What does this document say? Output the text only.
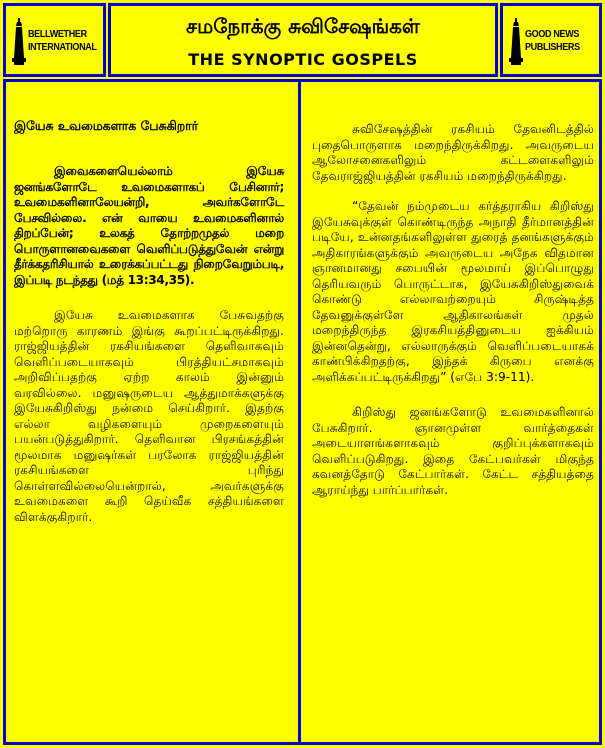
BELLWETHER
INTERNATIONAL
சமநோக்கு சுவிசேஷங்கள்
THE SYNOPTIC GOSPELS
GOOD NEWS
PUBLISHERS

இயேசு உவமைகளாக பேசுகிறார்

இவைகளையெல்லாம் இயேசு ஜனங்களோடே உவமைகளாகப் பேசினார்; உவமைகளினாலேயன்றி, அவர்களோடே பேசவில்லை. என் வாயை உவமைகளினால் திறப்பேன்; உலகத் தோற்றமுதல் மறை பொருளானவைகளை வெளிப்படுத்துவேன் என்று தீர்க்கதரிசியால் உரைக்கப்பட்டது நிறைவேறும்படி, இப்படி நடந்தது (மத் 13:34,35).

இயேசு உவமைகளாக பேசுவதற்கு மற்றொரு காரணம் இங்கு கூறப்பட்டிருக்கிறது. ராஜ்ஜியத்தின் ரகசியங்களை தெளிவாகவும் வெளிப்படையாகவும் பிரத்தியட்சமாகவும் அறிவிப்பதற்கு ஏற்ற காலம் இன்னும் வரவில்லை. மனுஷருடைய ஆத்துமாக்களுக்கு இயேசுகிறிஸ்து நன்மை செய்கிறார். இதற்கு எல்லா வழிகளையும் முறைகளையும் பயன்படுத்துகிறார். தெளிவான பிரசங்கத்தின் மூலமாக மனுஷர்கள் பரலோக ராஜ்ஜியத்தின் ரகசியங்களை புரிந்து கொள்ளவில்லையென்றால், அவர்களுக்கு உவமைகளை கூறி தெய்வீக சத்தியங்களை விளக்குகிறார்.

சுவிசேஷத்தின் ரகசியம் தேவனிடத்தில் புதைபொருளாக மறைந்திருக்கிறது. அவருடைய ஆலோசனைகளிலும் கட்டளைகளிலும் தேவராஜ்ஜியத்தின் ரகசியம் மறைந்திருக்கிறது.

“தேவன் நம்முடைய கர்த்தராகிய கிறிஸ்து இயேசுவுக்குள் கொண்டிருந்த அநாதி தீர்மானத்தின் படியே, உன்னதங்களிலுள்ள துரைத் தனங்களுக்கும் அதிகாரங்களுக்கும் அவருடைய அநேக விதமான ஞானமானது சபையின் மூலமாய் இப்பொழுது தெரியவரும் பொருட்டாக, இயேசுகிறிஸ்துவைக் கொண்டு எல்லாவற்றையும் சிருஷ்டித்த தேவனுக்குள்ளே ஆதிகாலங்கள் முதல் மறைந்திருந்த இரகசியத்தினுடைய ஐக்கியம் இன்னதென்று, எல்லாருக்கும் வெளிப்படையாகக் காண்பிக்கிறதற்கு, இந்தக் கிருபை எனக்கு அளிக்கப்பட்டிருக்கிறது” (எபே 3:9-11).

கிறிஸ்து ஜனங்களோடு உவமைகளினால் பேசுகிறார். ஞானமுள்ள வார்த்தைகள் அடையாளங்களாகவும் குறிப்புக்களாகவும் வெளிப்படுகிறது. இதை கேட்பவர்கள் மிகுந்த கவனத்தோடு கேட்பார்கள். கேட்ட சத்தியத்தை ஆராய்ந்து பார்ப்பார்கள்.
